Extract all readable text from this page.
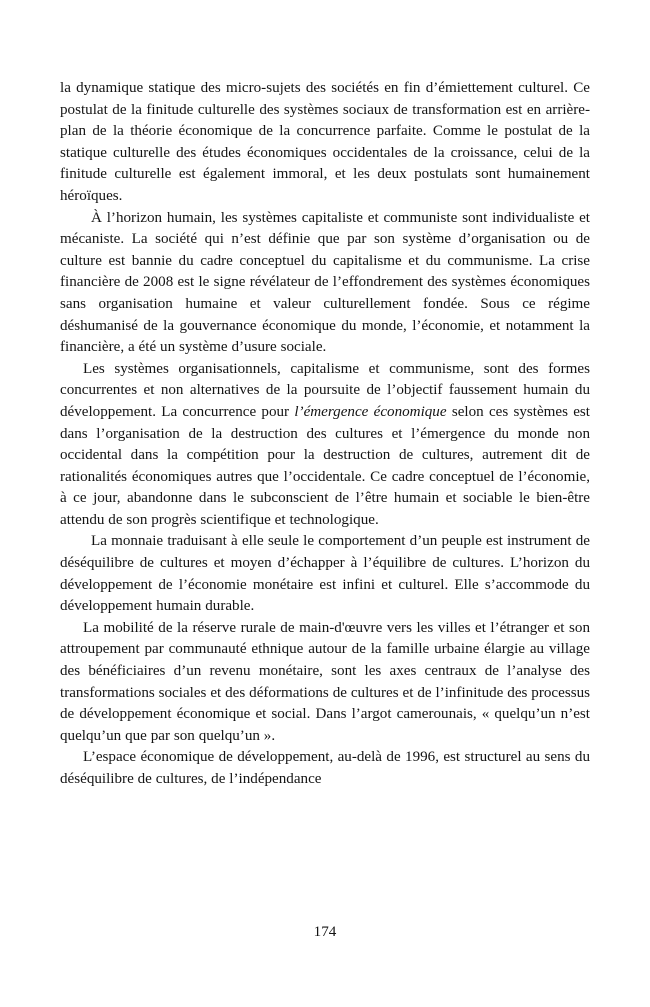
la dynamique statique des micro-sujets des sociétés en fin d’émiettement culturel. Ce postulat de la finitude culturelle des systèmes sociaux de transformation est en arrière-plan de la théorie économique de la concurrence parfaite. Comme le postulat de la statique culturelle des études économiques occidentales de la croissance, celui de la finitude culturelle est également immoral, et les deux postulats sont humainement héroïques.

À l’horizon humain, les systèmes capitaliste et communiste sont individualiste et mécaniste. La société qui n’est définie que par son système d’organisation ou de culture est bannie du cadre conceptuel du capitalisme et du communisme. La crise financière de 2008 est le signe révélateur de l’effondrement des systèmes économiques sans organisation humaine et valeur culturellement fondée. Sous ce régime déshumanisé de la gouvernance économique du monde, l’économie, et notamment la financière, a été un système d’usure sociale.

Les systèmes organisationnels, capitalisme et communisme, sont des formes concurrentes et non alternatives de la poursuite de l’objectif faussement humain du développement. La concurrence pour l’émergence économique selon ces systèmes est dans l’organisation de la destruction des cultures et l’émergence du monde non occidental dans la compétition pour la destruction de cultures, autrement dit de rationalités économiques autres que l’occidentale. Ce cadre conceptuel de l’économie, à ce jour, abandonne dans le subconscient de l’être humain et sociable le bien-être attendu de son progrès scientifique et technologique.

La monnaie traduisant à elle seule le comportement d’un peuple est instrument de déséquilibre de cultures et moyen d’échapper à l’équilibre de cultures. L’horizon du développement de l’économie monétaire est infini et culturel. Elle s’accommode du développement humain durable.

La mobilité de la réserve rurale de main-d'œuvre vers les villes et l’étranger et son attroupement par communauté ethnique autour de la famille urbaine élargie au village des bénéficiaires d’un revenu monétaire, sont les axes centraux de l’analyse des transformations sociales et des déformations de cultures et de l’infinitude des processus de développement économique et social. Dans l’argot camerounais, « quelqu’un n’est quelqu’un que par son quelqu’un ».

L’espace économique de développement, au-delà de 1996, est structurel au sens du déséquilibre de cultures, de l’indépendance

174
